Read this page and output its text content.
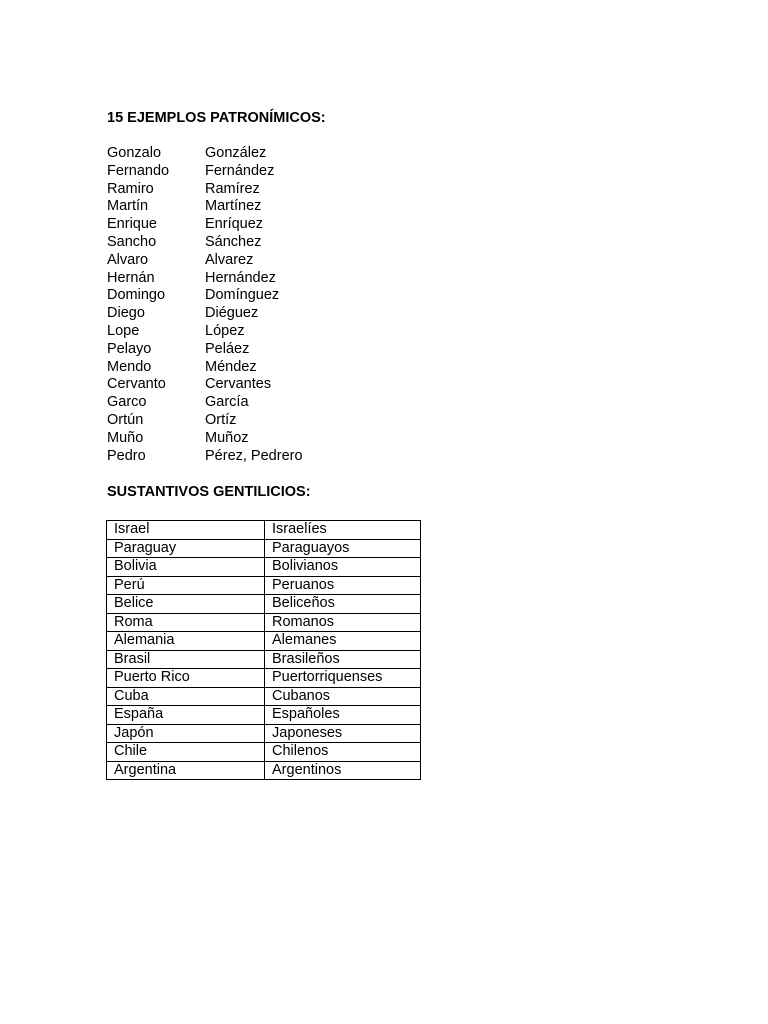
15 EJEMPLOS PATRONÍMICOS:
Gonzalo	González
Fernando Fernández
Ramiro	Ramírez
Martín	Martínez
Enrique	Enríquez
Sancho	Sánchez
Alvaro	Alvarez
Hernán	Hernández
Domingo	Domínguez
Diego	Diéguez
Lope	López
Pelayo	Peláez
Mendo	Méndez
Cervanto	Cervantes
Garco	García
Ortún	Ortíz
Muño	Muñoz
Pedro	Pérez, Pedrero
SUSTANTIVOS GENTILICIOS:
Israel	Israelíes
Paraguay	Paraguayos
Bolivia	Bolivianos
Perú	Peruanos
Belice	Beliceños
Roma	Romanos
Alemania	Alemanes
Brasil	Brasileños
Puerto Rico	Puertorriquenses
Cuba	Cubanos
España	Españoles
Japón	Japoneses
Chile	Chilenos
Argentina	Argentinos
